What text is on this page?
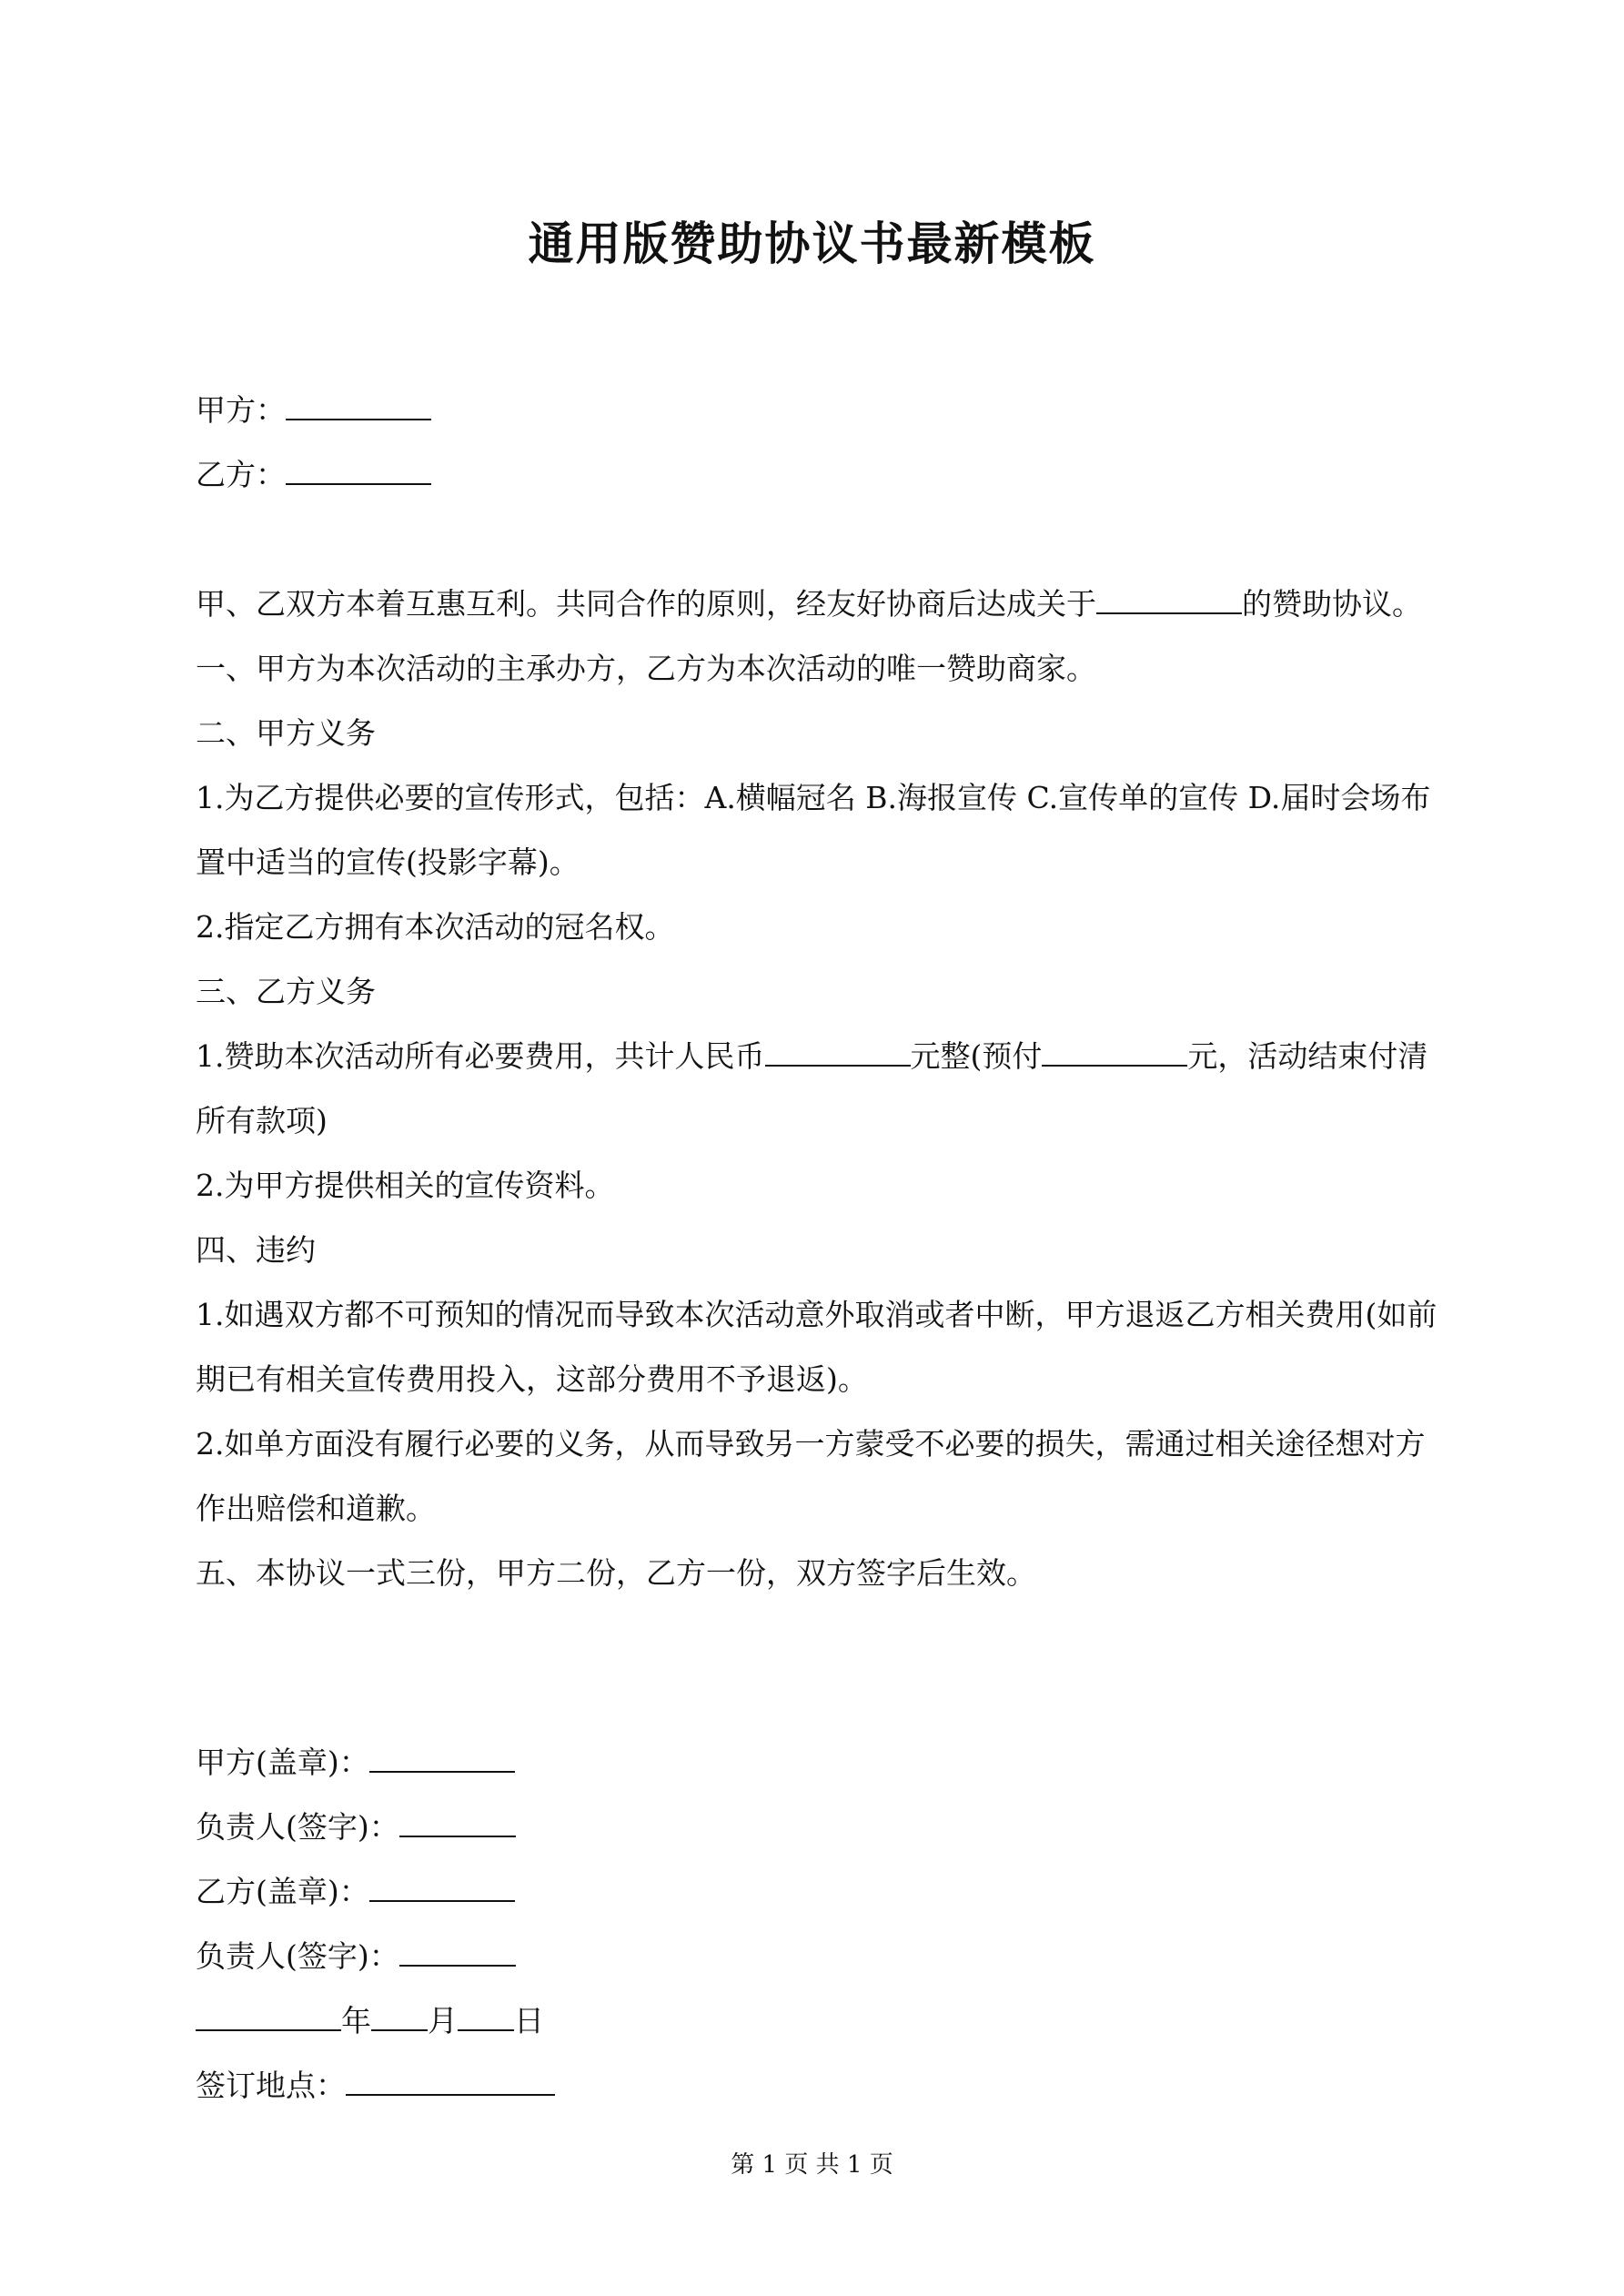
通用版赞助协议书最新模板

甲方：

乙方：

甲、乙双方本着互惠互利。共同合作的原则，经友好协商后达成关于	的赞助协议。

一、甲方为本次活动的主承办方，乙方为本次活动的唯一赞助商家。

二、甲方义务

1.为乙方提供必要的宣传形式，包括：A.横幅冠名 B.海报宣传 C.宣传单的宣传 D.届时会场布置中适当的宣传(投影字幕)。

2.指定乙方拥有本次活动的冠名权。

三、乙方义务

1.赞助本次活动所有必要费用，共计人民币	元整(预付	元，活动结束付清所有款项)

2.为甲方提供相关的宣传资料。

四、违约

1.如遇双方都不可预知的情况而导致本次活动意外取消或者中断，甲方退返乙方相关费用(如前期已有相关宣传费用投入，这部分费用不予退返)。

2.如单方面没有履行必要的义务，从而导致另一方蒙受不必要的损失，需通过相关途径想对方作出赔偿和道歉。

五、本协议一式三份，甲方二份，乙方一份，双方签字后生效。

甲方(盖章)：

负责人(签字)：

乙方(盖章)：

负责人(签字)：

年 月 日

签订地点：

第 1 页 共 1 页
